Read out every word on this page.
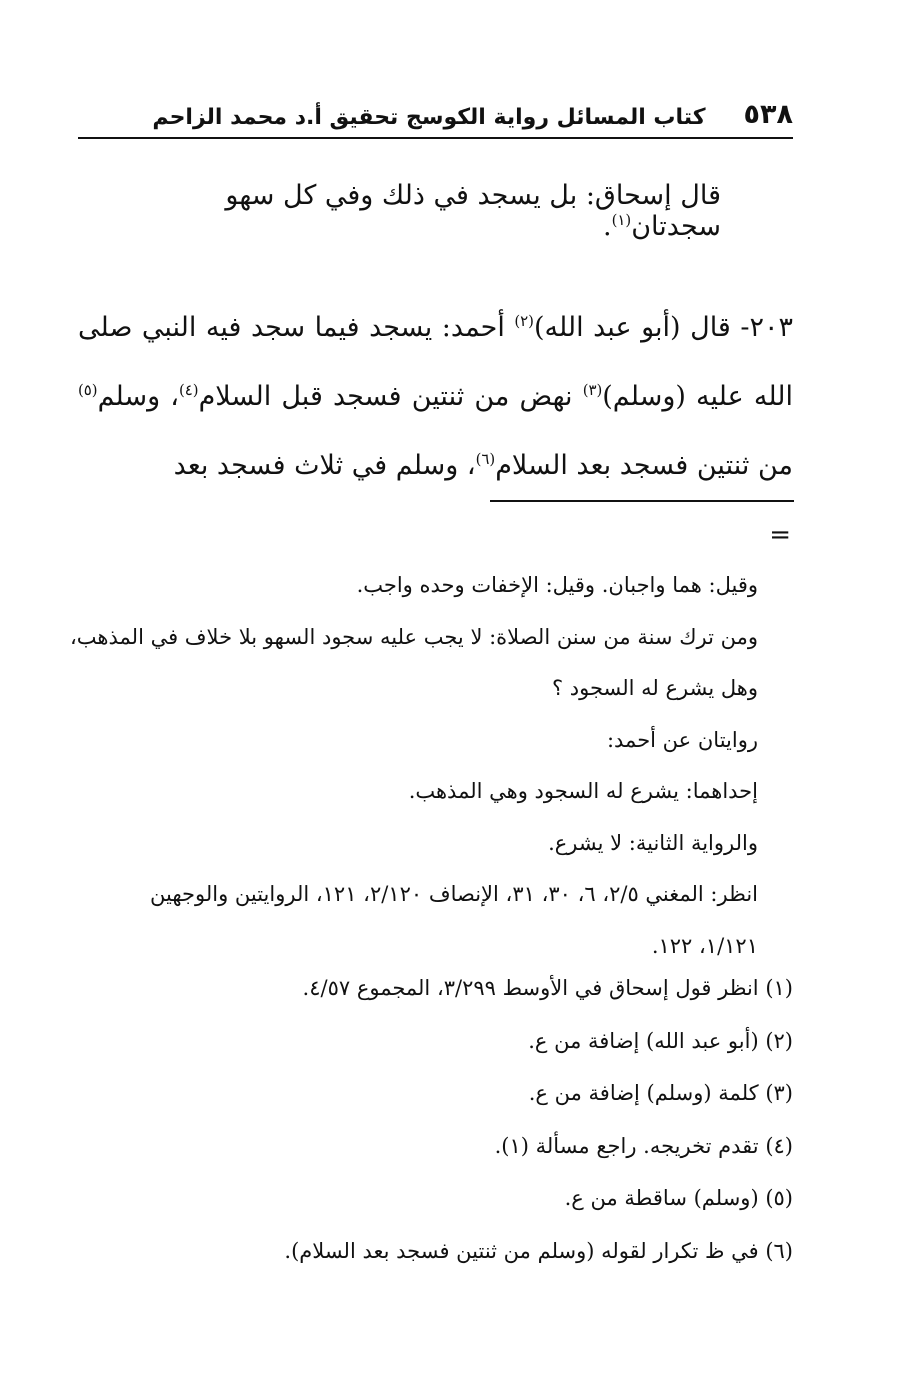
٥٣٨
كتاب المسائل رواية الكوسج تحقيق أ.د محمد الزاحم
قال إسحاق: بل يسجد في ذلك وفي كل سهو سجدتان$^{(١)}$.
٢٠٣- قال (أبو عبد الله)$^{(٢)}$ أحمد: يسجد فيما سجد فيه النبي صلى الله عليه (وسلم)$^{(٣)}$ نهض من ثنتين فسجد قبل السلام$^{(٤)}$، وسلم$^{(٥)}$ من ثنتين فسجد بعد السلام$^{(٦)}$، وسلم في ثلاث فسجد بعد
=
وقيل: هما واجبان. وقيل: الإخفات وحده واجب.
ومن ترك سنة من سنن الصلاة: لا يجب عليه سجود السهو بلا خلاف في المذهب،
وهل يشرع له السجود ؟
روايتان عن أحمد:
إحداهما: يشرع له السجود وهي المذهب.
والرواية الثانية: لا يشرع.
انظر: المغني ٢/٥، ٦، ٣٠، ٣١، الإنصاف ٢/١٢٠، ١٢١، الروايتين والوجهين
١/١٢١، ١٢٢.
(١) انظر قول إسحاق في الأوسط ٣/٢٩٩، المجموع ٤/٥٧.
(٢) (أبو عبد الله) إضافة من ع.
(٣) كلمة (وسلم) إضافة من ع.
(٤) تقدم تخريجه. راجع مسألة (١).
(٥) (وسلم) ساقطة من ع.
(٦) في ظ تكرار لقوله (وسلم من ثنتين فسجد بعد السلام).
